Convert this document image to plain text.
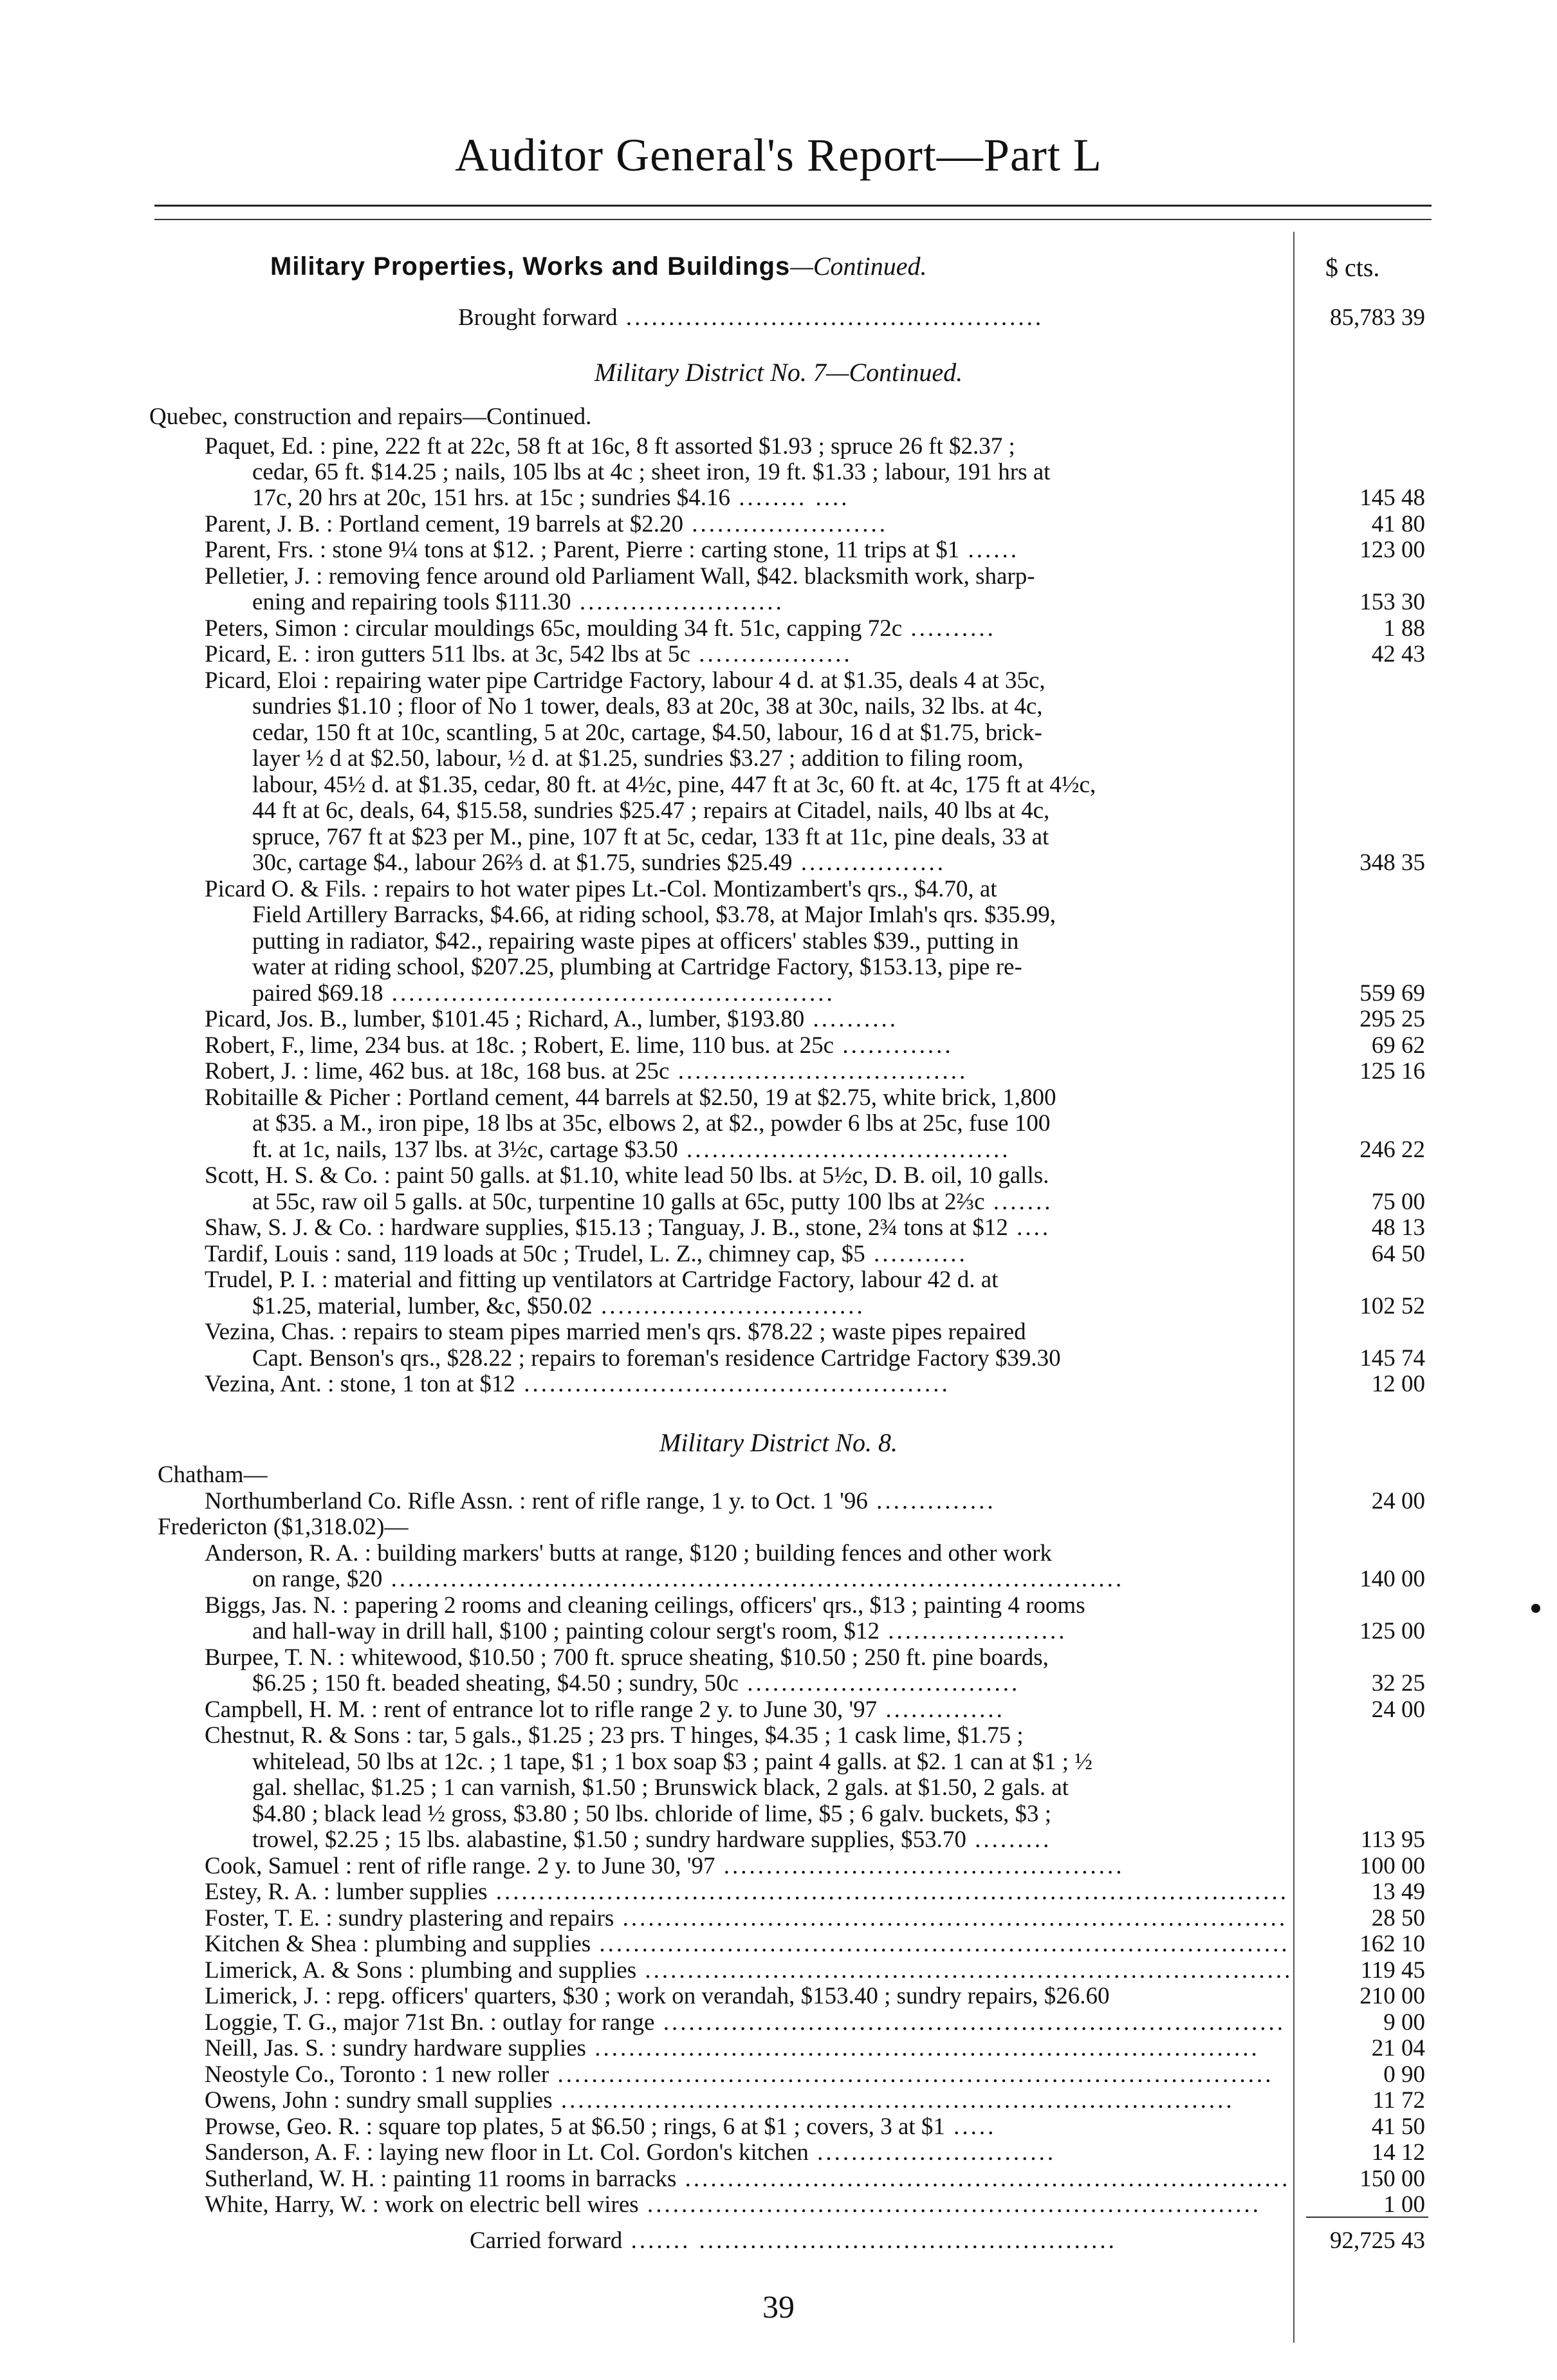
Auditor General's Report—Part L
Military Properties, Works and Buildings—Continued.	$ cts.
Brought forward .................................................	85,783 39
Military District No. 7—Continued.
Quebec, construction and repairs—Continued.
Paquet, Ed. : pine, 222 ft at 22c, 58 ft at 16c, 8 ft assorted $1.93 ; spruce 26 ft $2.37 ;
cedar, 65 ft. $14.25 ; nails, 105 lbs at 4c ; sheet iron, 19 ft. $1.33 ; labour, 191 hrs at
17c, 20 hrs at 20c, 151 hrs. at 15c ; sundries $4.16 ........ ....	145 48
Parent, J. B. : Portland cement, 19 barrels at $2.20 .......................	41 80
Parent, Frs. : stone 9¼ tons at $12. ; Parent, Pierre : carting stone, 11 trips at $1 ......	123 00
Pelletier, J. : removing fence around old Parliament Wall, $42. blacksmith work, sharp-
ening and repairing tools $111.30 ........................	153 30
Peters, Simon : circular mouldings 65c, moulding 34 ft. 51c, capping 72c ..........	1 88
Picard, E. : iron gutters 511 lbs. at 3c, 542 lbs at 5c ..................	42 43
Picard, Eloi : repairing water pipe Cartridge Factory, labour 4 d. at $1.35, deals 4 at 35c,
sundries $1.10 ; floor of No 1 tower, deals, 83 at 20c, 38 at 30c, nails, 32 lbs. at 4c,
cedar, 150 ft at 10c, scantling, 5 at 20c, cartage, $4.50, labour, 16 d at $1.75, brick-
layer ½ d at $2.50, labour, ½ d. at $1.25, sundries $3.27 ; addition to filing room,
labour, 45½ d. at $1.35, cedar, 80 ft. at 4½c, pine, 447 ft at 3c, 60 ft. at 4c, 175 ft at 4½c,
44 ft at 6c, deals, 64, $15.58, sundries $25.47 ; repairs at Citadel, nails, 40 lbs at 4c,
spruce, 767 ft at $23 per M., pine, 107 ft at 5c, cedar, 133 ft at 11c, pine deals, 33 at
30c, cartage $4., labour 26⅔ d. at $1.75, sundries $25.49 .................	348 35
Picard O. & Fils. : repairs to hot water pipes Lt.-Col. Montizambert's qrs., $4.70, at
Field Artillery Barracks, $4.66, at riding school, $3.78, at Major Imlah's qrs. $35.99,
putting in radiator, $42., repairing waste pipes at officers' stables $39., putting in
water at riding school, $207.25, plumbing at Cartridge Factory, $153.13, pipe re-
paired $69.18 ....................................................	559 69
Picard, Jos. B., lumber, $101.45 ; Richard, A., lumber, $193.80 ..........	295 25
Robert, F., lime, 234 bus. at 18c. ; Robert, E. lime, 110 bus. at 25c .............	69 62
Robert, J. : lime, 462 bus. at 18c, 168 bus. at 25c ..................................	125 16
Robitaille & Picher : Portland cement, 44 barrels at $2.50, 19 at $2.75, white brick, 1,800
at $35. a M., iron pipe, 18 lbs at 35c, elbows 2, at $2., powder 6 lbs at 25c, fuse 100
ft. at 1c, nails, 137 lbs. at 3½c, cartage $3.50 ......................................	246 22
Scott, H. S. & Co. : paint 50 galls. at $1.10, white lead 50 lbs. at 5½c, D. B. oil, 10 galls.
at 55c, raw oil 5 galls. at 50c, turpentine 10 galls at 65c, putty 100 lbs at 2⅔c .......	75 00
Shaw, S. J. & Co. : hardware supplies, $15.13 ; Tanguay, J. B., stone, 2¾ tons at $12 ....	48 13
Tardif, Louis : sand, 119 loads at 50c ; Trudel, L. Z., chimney cap, $5 ...........	64 50
Trudel, P. I. : material and fitting up ventilators at Cartridge Factory, labour 42 d. at
$1.25, material, lumber, &c, $50.02 ...............................	102 52
Vezina, Chas. : repairs to steam pipes married men's qrs. $78.22 ; waste pipes repaired
Capt. Benson's qrs., $28.22 ; repairs to foreman's residence Cartridge Factory $39.30	145 74
Vezina, Ant. : stone, 1 ton at $12 ..................................................	12 00
Military District No. 8.
Chatham—
Northumberland Co. Rifle Assn. : rent of rifle range, 1 y. to Oct. 1 '96 ..............	24 00
Fredericton ($1,318.02)—
Anderson, R. A. : building markers' butts at range, $120 ; building fences and other work
on range, $20 ......................................................................................	140 00
Biggs, Jas. N. : papering 2 rooms and cleaning ceilings, officers' qrs., $13 ; painting 4 rooms
and hall-way in drill hall, $100 ; painting colour sergt's room, $12 .....................	125 00
Burpee, T. N. : whitewood, $10.50 ; 700 ft. spruce sheating, $10.50 ; 250 ft. pine boards,
$6.25 ; 150 ft. beaded sheating, $4.50 ; sundry, 50c ................................	32 25
Campbell, H. M. : rent of entrance lot to rifle range 2 y. to June 30, '97 ..............	24 00
Chestnut, R. & Sons : tar, 5 gals., $1.25 ; 23 prs. T hinges, $4.35 ; 1 cask lime, $1.75 ;
whitelead, 50 lbs at 12c. ; 1 tape, $1 ; 1 box soap $3 ; paint 4 galls. at $2. 1 can at $1 ; ½
gal. shellac, $1.25 ; 1 can varnish, $1.50 ; Brunswick black, 2 gals. at $1.50, 2 gals. at
$4.80 ; black lead ½ gross, $3.80 ; 50 lbs. chloride of lime, $5 ; 6 galv. buckets, $3 ;
trowel, $2.25 ; 15 lbs. alabastine, $1.50 ; sundry hardware supplies, $53.70 .........	113 95
Cook, Samuel : rent of rifle range. 2 y. to June 30, '97 ...............................................	100 00
Estey, R. A. : lumber supplies .............................................................................................	13 49
Foster, T. E. : sundry plastering and repairs ..............................................................................	28 50
Kitchen & Shea : plumbing and supplies .................................................................................	162 10
Limerick, A. & Sons : plumbing and supplies ............................................................................	119 45
Limerick, J. : repg. officers' quarters, $30 ; work on verandah, $153.40 ; sundry repairs, $26.60	210 00
Loggie, T. G., major 71st Bn. : outlay for range .........................................................................	9 00
Neill, Jas. S. : sundry hardware supplies ..............................................................................	21 04
Neostyle Co., Toronto : 1 new roller ....................................................................................	0 90
Owens, John : sundry small supplies ...............................................................................	11 72
Prowse, Geo. R. : square top plates, 5 at $6.50 ; rings, 6 at $1 ; covers, 3 at $1 .....	41 50
Sanderson, A. F. : laying new floor in Lt. Col. Gordon's kitchen ............................	14 12
Sutherland, W. H. : painting 11 rooms in barracks .......................................................................	150 00
White, Harry, W. : work on electric bell wires ........................................................................	1 00
Carried forward ....... .................................................	92,725 43
39
